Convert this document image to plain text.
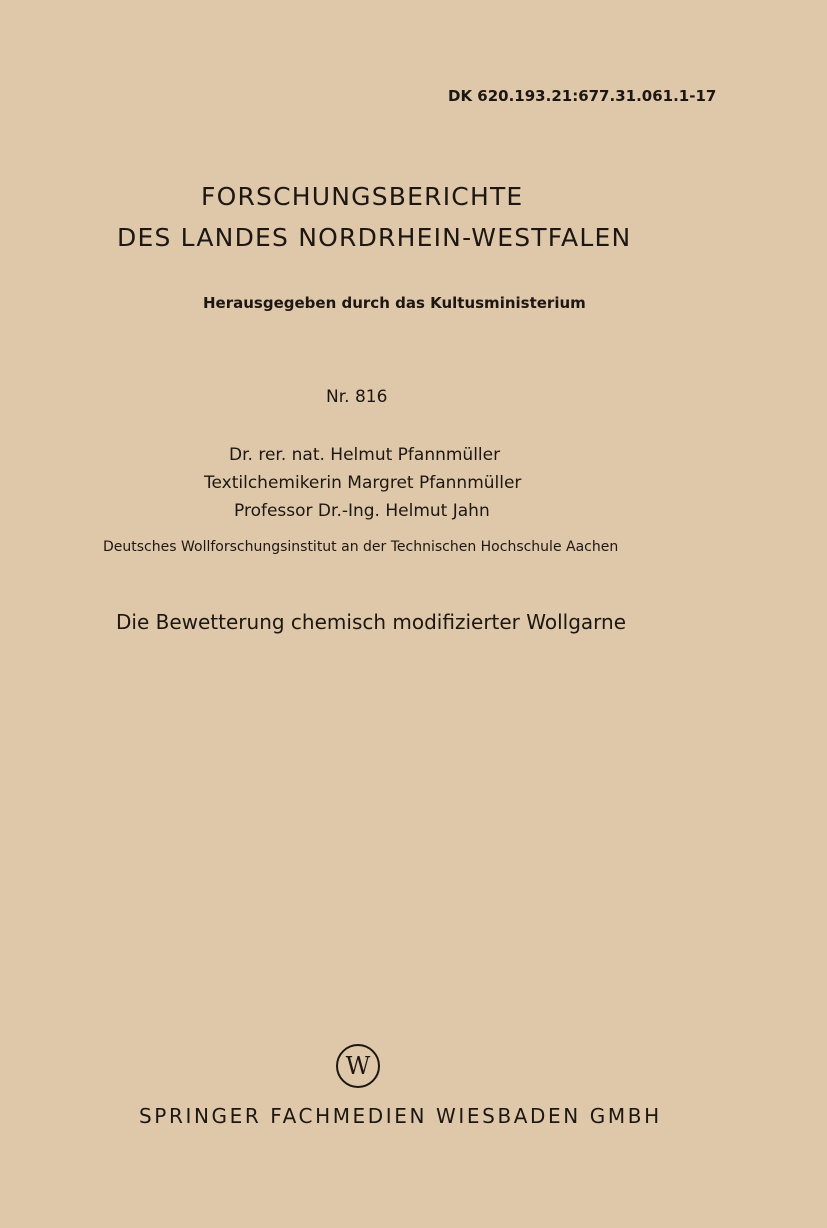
DK 620.193.21:677.31.061.1-17
FORSCHUNGSBERICHTE
DES LANDES NORDRHEIN-WESTFALEN
Herausgegeben durch das Kultusministerium
Nr. 816
Dr. rer. nat. Helmut Pfannmüller
Textilchemikerin Margret Pfannmüller
Professor Dr.-Ing. Helmut Jahn
Deutsches Wollforschungsinstitut an der Technischen Hochschule Aachen
Die Bewetterung chemisch modifizierter Wollgarne
W
SPRINGER FACHMEDIEN WIESBADEN GMBH
